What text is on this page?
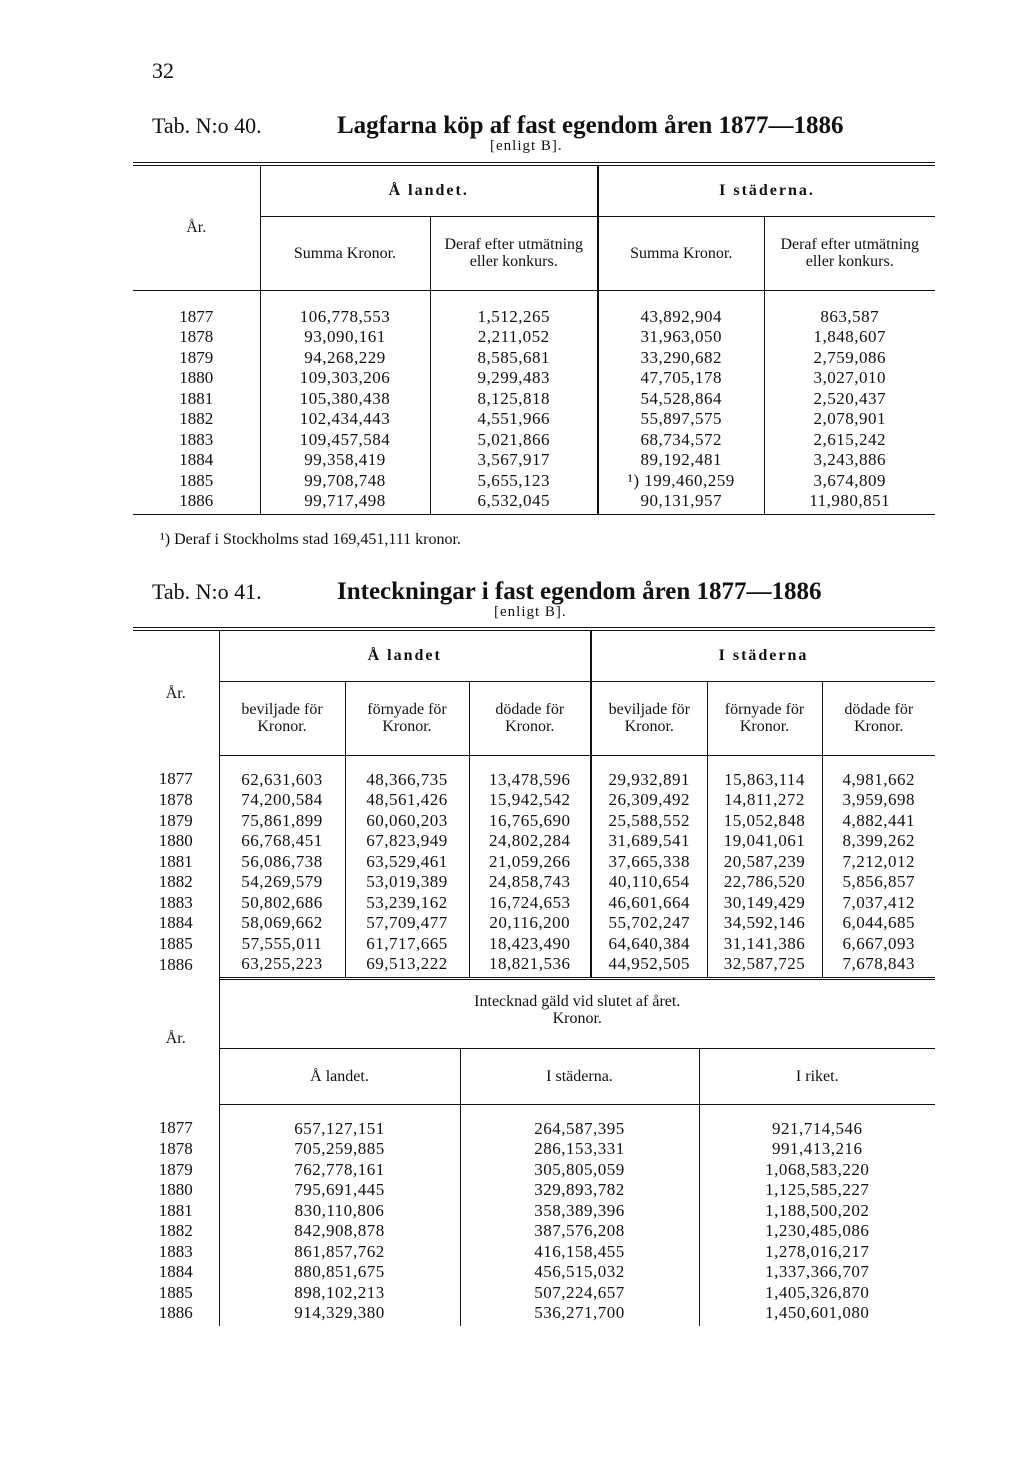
32
Tab. N:o 40.	Lagfarna köp af fast egendom åren 1877—1886
[enligt B].
År.	Å landet.		I städerna.	
	Summa Kronor.	Deraf efter utmätning eller konkurs.	Summa Kronor.	Deraf efter utmätning eller konkurs.
1877	106,778,553	1,512,265	43,892,904	863,587
1878	93,090,161	2,211,052	31,963,050	1,848,607
1879	94,268,229	8,585,681	33,290,682	2,759,086
1880	109,303,206	9,299,483	47,705,178	3,027,010
1881	105,380,438	8,125,818	54,528,864	2,520,437
1882	102,434,443	4,551,966	55,897,575	2,078,901
1883	109,457,584	5,021,866	68,734,572	2,615,242
1884	99,358,419	3,567,917	89,192,481	3,243,886
1885	99,708,748	5,655,123	¹) 199,460,259	3,674,809
1886	99,717,498	6,532,045	90,131,957	11,980,851
¹) Deraf i Stockholms stad 169,451,111 kronor.
Tab. N:o 41.	Inteckningar i fast egendom åren 1877—1886
[enligt B].
År.	Å landet			I städerna		
	beviljade för Kronor.	förnyade för Kronor.	dödade för Kronor.	beviljade för Kronor.	förnyade för Kronor.	dödade för Kronor.
1877	62,631,603	48,366,735	13,478,596	29,932,891	15,863,114	4,981,662
1878	74,200,584	48,561,426	15,942,542	26,309,492	14,811,272	3,959,698
1879	75,861,899	60,060,203	16,765,690	25,588,552	15,052,848	4,882,441
1880	66,768,451	67,823,949	24,802,284	31,689,541	19,041,061	8,399,262
1881	56,086,738	63,529,461	21,059,266	37,665,338	20,587,239	7,212,012
1882	54,269,579	53,019,389	24,858,743	40,110,654	22,786,520	5,856,857
1883	50,802,686	53,239,162	16,724,653	46,601,664	30,149,429	7,037,412
1884	58,069,662	57,709,477	20,116,200	55,702,247	34,592,146	6,044,685
1885	57,555,011	61,717,665	18,423,490	64,640,384	31,141,386	6,667,093
1886	63,255,223	69,513,222	18,821,536	44,952,505	32,587,725	7,678,843
År.	Intecknad gäld vid slutet af året.
Kronor.		

	Å landet.	I städerna.	I riket.
1877	657,127,151	264,587,395	921,714,546
1878	705,259,885	286,153,331	991,413,216
1879	762,778,161	305,805,059	1,068,583,220
1880	795,691,445	329,893,782	1,125,585,227
1881	830,110,806	358,389,396	1,188,500,202
1882	842,908,878	387,576,208	1,230,485,086
1883	861,857,762	416,158,455	1,278,016,217
1884	880,851,675	456,515,032	1,337,366,707
1885	898,102,213	507,224,657	1,405,326,870
1886	914,329,380	536,271,700	1,450,601,080
